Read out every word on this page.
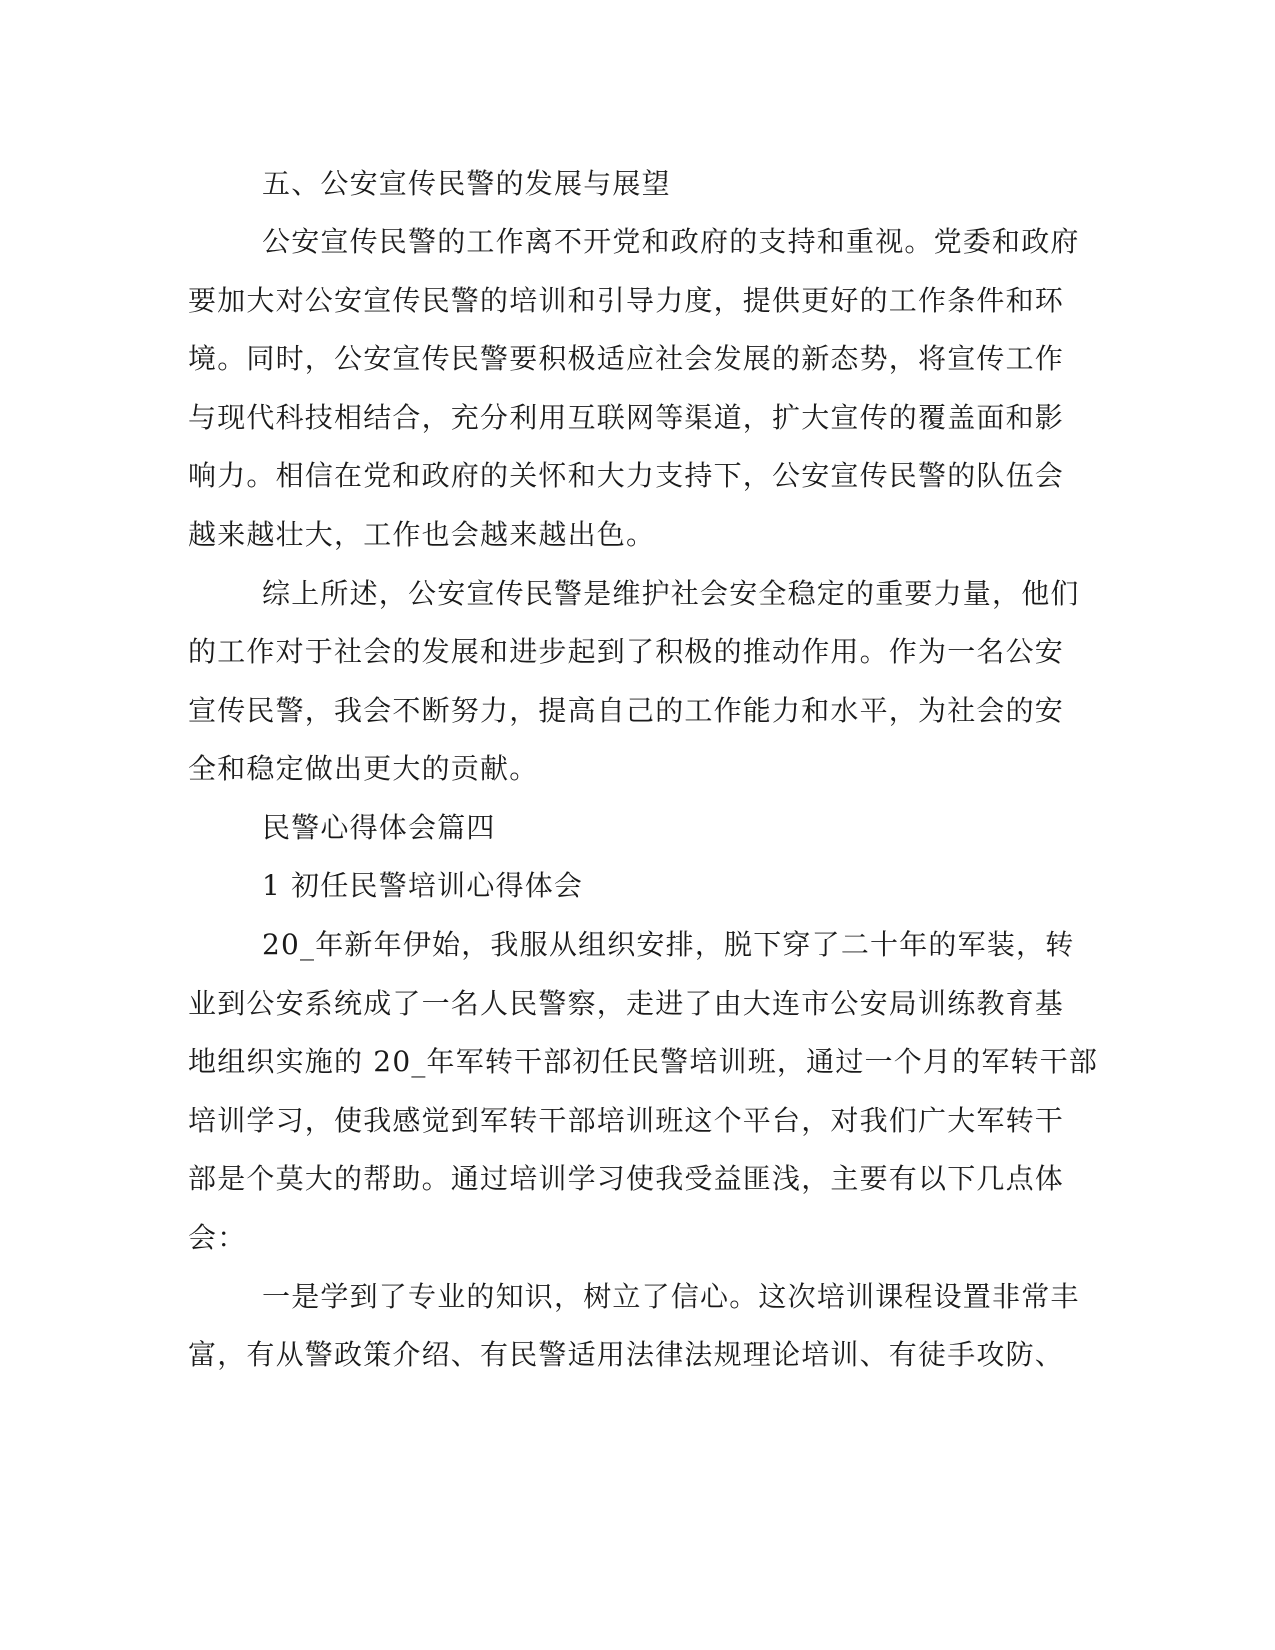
五、公安宣传民警的发展与展望
公安宣传民警的工作离不开党和政府的支持和重视。党委和政府
要加大对公安宣传民警的培训和引导力度，提供更好的工作条件和环
境。同时，公安宣传民警要积极适应社会发展的新态势，将宣传工作
与现代科技相结合，充分利用互联网等渠道，扩大宣传的覆盖面和影
响力。相信在党和政府的关怀和大力支持下，公安宣传民警的队伍会
越来越壮大，工作也会越来越出色。
综上所述，公安宣传民警是维护社会安全稳定的重要力量，他们
的工作对于社会的发展和进步起到了积极的推动作用。作为一名公安
宣传民警，我会不断努力，提高自己的工作能力和水平，为社会的安
全和稳定做出更大的贡献。
民警心得体会篇四
1 初任民警培训心得体会
20_年新年伊始，我服从组织安排，脱下穿了二十年的军装，转
业到公安系统成了一名人民警察，走进了由大连市公安局训练教育基
地组织实施的 20_年军转干部初任民警培训班，通过一个月的军转干部
培训学习，使我感觉到军转干部培训班这个平台，对我们广大军转干
部是个莫大的帮助。通过培训学习使我受益匪浅，主要有以下几点体
会：
一是学到了专业的知识，树立了信心。这次培训课程设置非常丰
富，有从警政策介绍、有民警适用法律法规理论培训、有徒手攻防、
